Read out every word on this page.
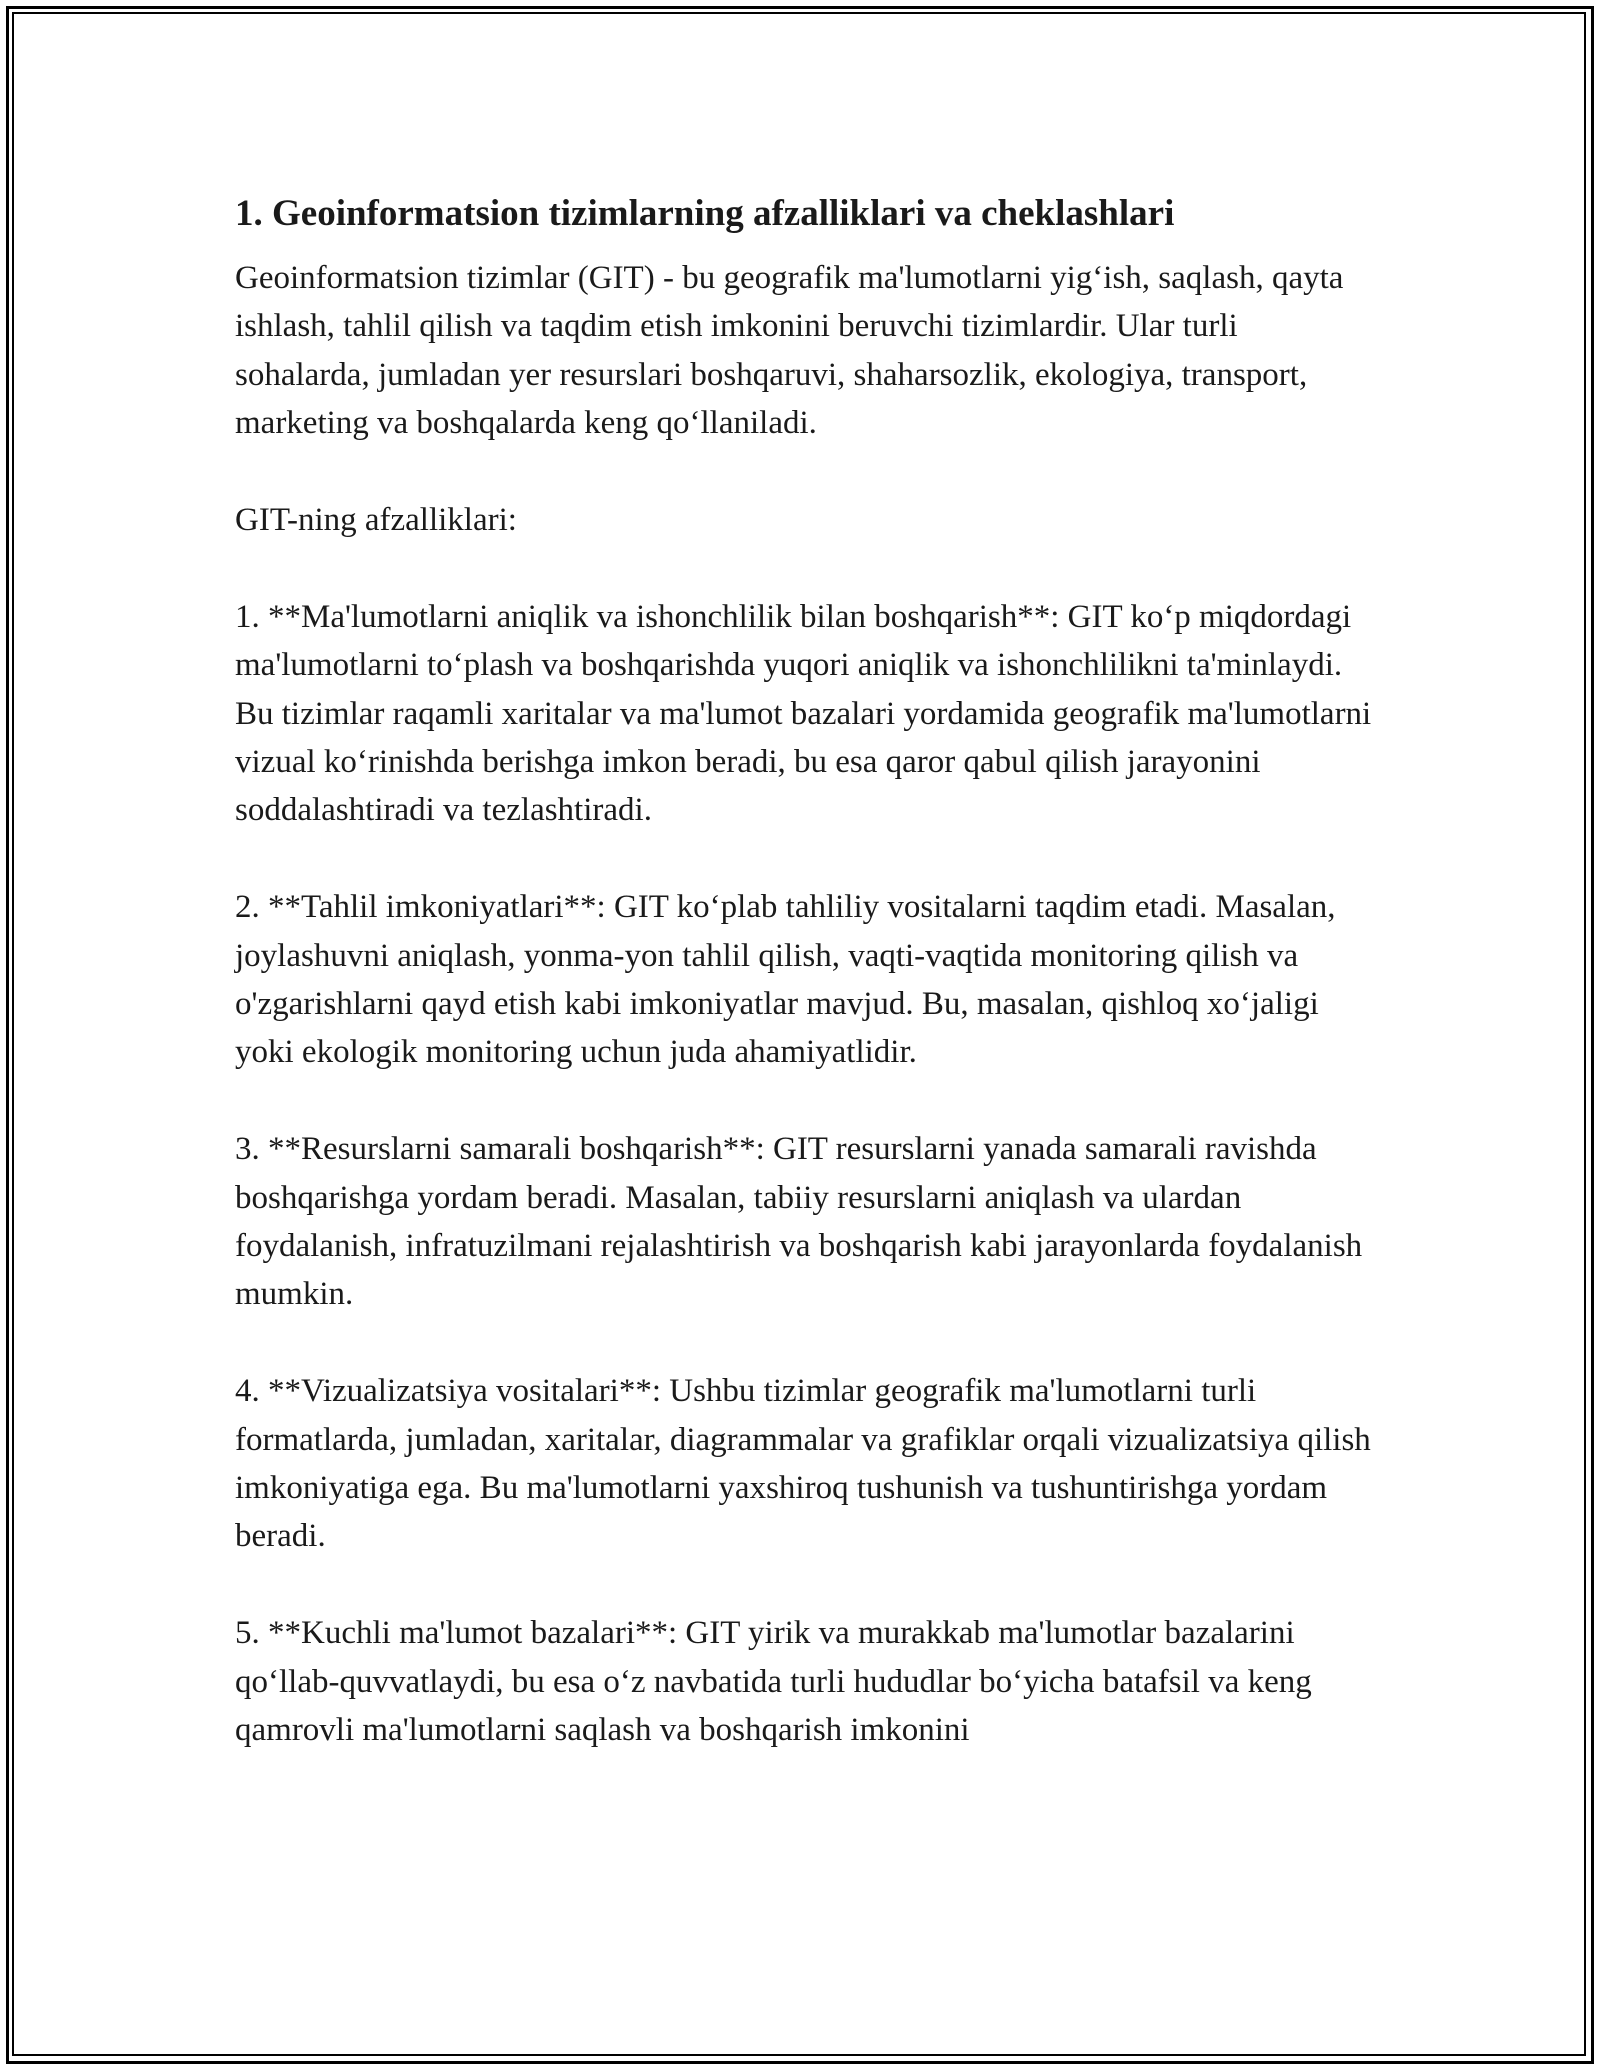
1. Geoinformatsion tizimlarning afzalliklari va cheklashlari

Geoinformatsion tizimlar (GIT) - bu geografik ma'lumotlarni yig‘ish, saqlash, qayta ishlash, tahlil qilish va taqdim etish imkonini beruvchi tizimlardir. Ular turli sohalarda, jumladan yer resurslari boshqaruvi, shaharsozlik, ekologiya, transport, marketing va boshqalarda keng qo‘llaniladi.

GIT-ning afzalliklari:

1. **Ma'lumotlarni aniqlik va ishonchlilik bilan boshqarish**: GIT ko‘p miqdordagi ma'lumotlarni to‘plash va boshqarishda yuqori aniqlik va ishonchlilikni ta'minlaydi. Bu tizimlar raqamli xaritalar va ma'lumot bazalari yordamida geografik ma'lumotlarni vizual ko‘rinishda berishga imkon beradi, bu esa qaror qabul qilish jarayonini soddalashtiradi va tezlashtiradi.

2. **Tahlil imkoniyatlari**: GIT ko‘plab tahliliy vositalarni taqdim etadi. Masalan, joylashuvni aniqlash, yonma-yon tahlil qilish, vaqti-vaqtida monitoring qilish va o'zgarishlarni qayd etish kabi imkoniyatlar mavjud. Bu, masalan, qishloq xo‘jaligi yoki ekologik monitoring uchun juda ahamiyatlidir.

3. **Resurslarni samarali boshqarish**: GIT resurslarni yanada samarali ravishda boshqarishga yordam beradi. Masalan, tabiiy resurslarni aniqlash va ulardan foydalanish, infratuzilmani rejalashtirish va boshqarish kabi jarayonlarda foydalanish mumkin.

4. **Vizualizatsiya vositalari**: Ushbu tizimlar geografik ma'lumotlarni turli formatlarda, jumladan, xaritalar, diagrammalar va grafiklar orqali vizualizatsiya qilish imkoniyatiga ega. Bu ma'lumotlarni yaxshiroq tushunish va tushuntirishga yordam beradi.

5. **Kuchli ma'lumot bazalari**: GIT yirik va murakkab ma'lumotlar bazalarini qo‘llab-quvvatlaydi, bu esa o‘z navbatida turli hududlar bo‘yicha batafsil va keng qamrovli ma'lumotlarni saqlash va boshqarish imkonini
